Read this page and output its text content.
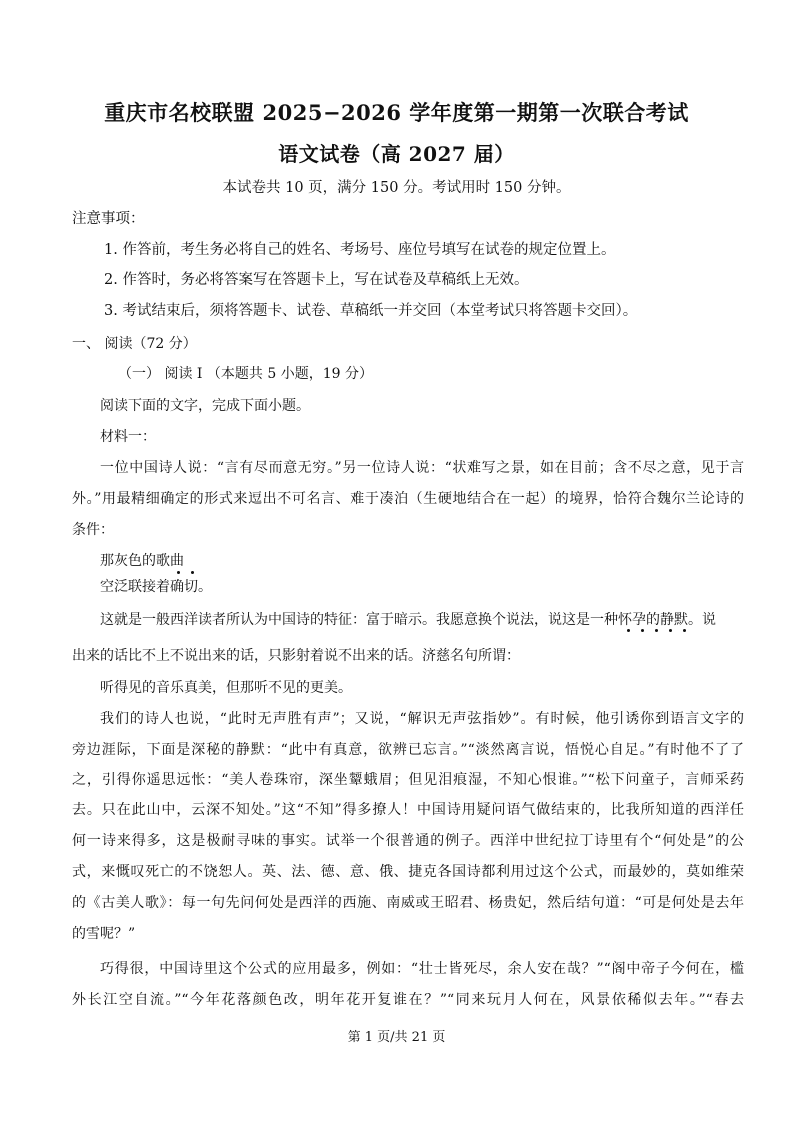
重庆市名校联盟 2025−2026 学年度第一期第一次联合考试
语文试卷（高 2027 届）
本试卷共 10 页，满分 150 分。考试用时 150 分钟。
注意事项：
1. 作答前，考生务必将自己的姓名、考场号、座位号填写在试卷的规定位置上。
2. 作答时，务必将答案写在答题卡上，写在试卷及草稿纸上无效。
3. 考试结束后，须将答题卡、试卷、草稿纸一并交回（本堂考试只将答题卡交回）。
一、 阅读（72 分）
（一） 阅读 I （本题共 5 小题，19 分）
阅读下面的文字，完成下面小题。
材料一：
一位中国诗人说：“言有尽而意无穷。”另一位诗人说：“状难写之景，如在目前；含不尽之意，见于言
外。”用最精细确定的形式来逗出不可名言、难于凑泊（生硬地结合在一起）的境界，恰符合魏尔兰论诗的
条件：
那灰色的歌曲
空泛联接着确切。
这就是一般西洋读者所认为中国诗的特征：富于暗示。我愿意换个说法，说这是一种怀孕的静默。说
出来的话比不上不说出来的话，只影射着说不出来的话。济慈名句所谓：
听得见的音乐真美，但那听不见的更美。
我们的诗人也说，“此时无声胜有声”；又说，“解识无声弦指妙”。有时候，他引诱你到语言文字的
旁边涯际，下面是深秘的静默：“此中有真意，欲辨已忘言。”“淡然离言说，悟悦心自足。”有时他不了了
之，引得你遥思远怅：“美人卷珠帘，深坐颦蛾眉；但见泪痕湿，不知心恨谁。”“松下问童子，言师采药
去。只在此山中，云深不知处。”这“不知”得多撩人！中国诗用疑问语气做结束的，比我所知道的西洋任
何一诗来得多，这是极耐寻味的事实。试举一个很普通的例子。西洋中世纪拉丁诗里有个“何处是”的公
式，来慨叹死亡的不饶恕人。英、法、德、意、俄、捷克各国诗都利用过这个公式，而最妙的，莫如维荣
的《古美人歌》：每一句先问何处是西洋的西施、南威或王昭君、杨贵妃，然后结句道：“可是何处是去年
的雪呢？”
巧得很，中国诗里这个公式的应用最多，例如：“壮士皆死尽，余人安在哉？”“阁中帝子今何在，槛
外长江空自流。”“今年花落颜色改，明年花开复谁在？”“同来玩月人何在，风景依稀似去年。”“春去
第 1 页/共 21 页
